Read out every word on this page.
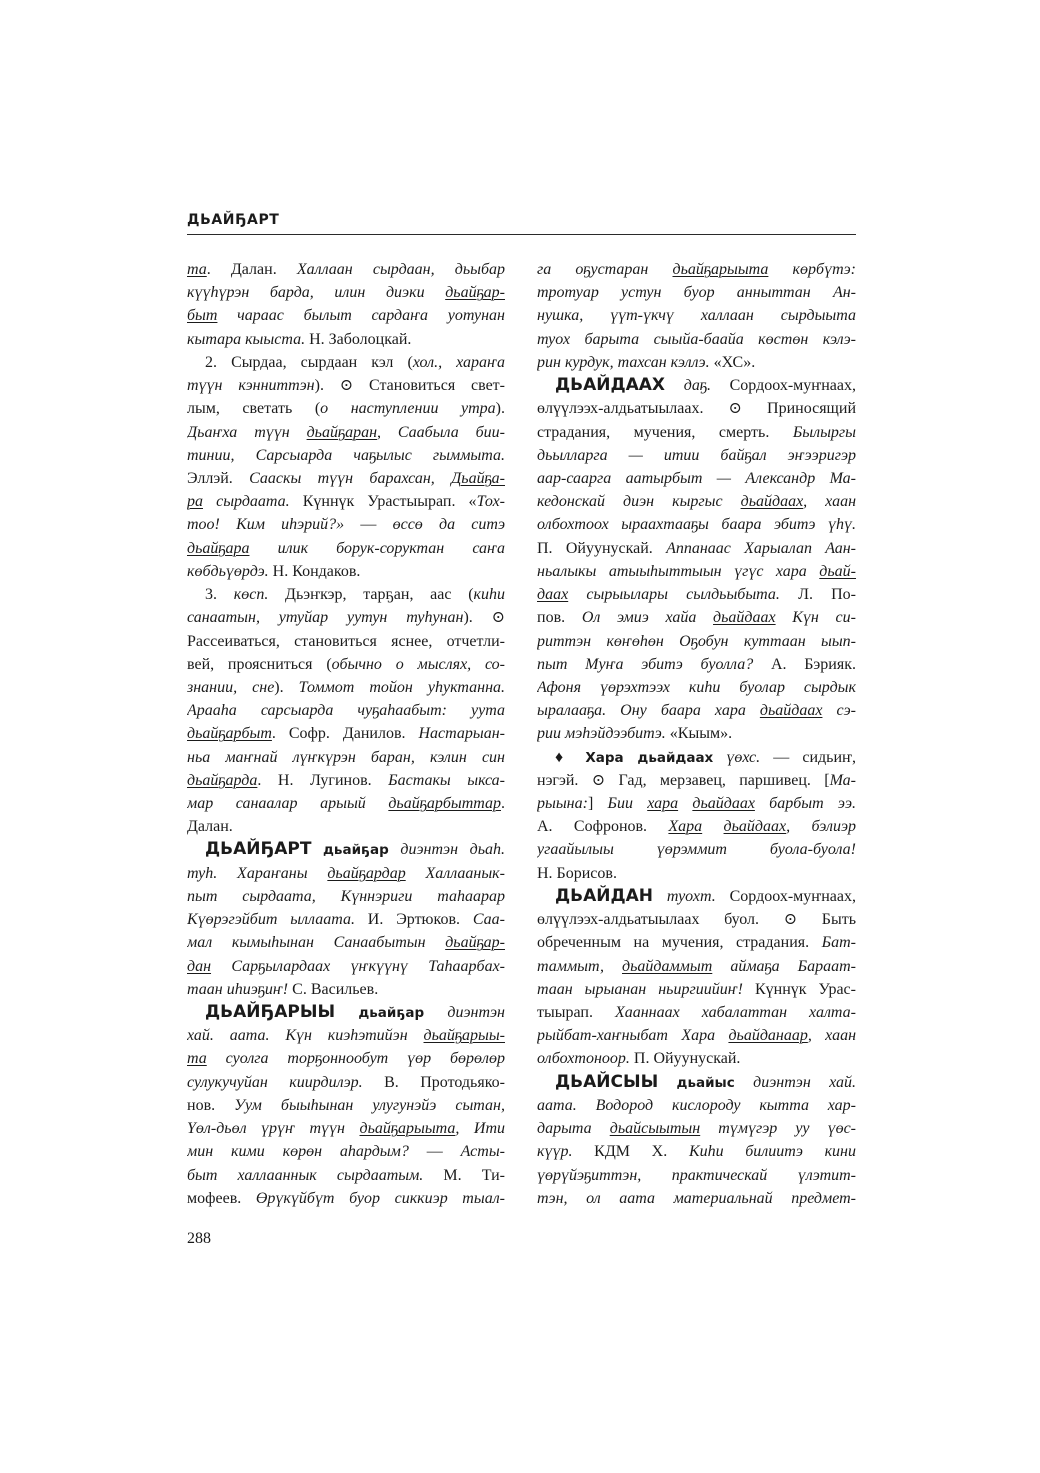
ДЬАЙҔАРТ
та. Далан. Халлаан сырдаан, дьыбар
күүһүрэн барда, илин диэки дьайҕар-
быт чараас былыт сардаҥа уотунан
кытара кыыста. Н. Заболоцкай.
2. Сырдаа, сырдаан кэл (хол., хараҥа
түүн кэнниттэн). ⊙ Становиться свет-
лым, светать (о наступлении утра).
Дьаҥха түүн дьайҕаран, Саабыла бии-
тинии, Сарсыарда чаҕылыс гыммыта.
Эллэй. Сааскы түүн барахсан, Дьайҕа-
ра сырдаата. Күннүк Урастыырап. «Тох-
тоо! Ким иһэрий?» — өссө да ситэ
дьайҕара илик борук-соруктан саҥа
көбдьүөрдэ. Н. Кондаков.
3. көсп. Дьэҥкэр, тарҕан, аас (киһи
санаатын, утуйар уутун туһунан). ⊙
Рассеиваться, становиться яснее, отчетли-
вей, проясниться (обычно о мыслях, со-
знании, сне). Томмот тойон уһуктанна.
Арааһа сарсыарда чуҕаһаабыт: уута
дьайҕарбыт. Софр. Данилов. Настарыан-
ньа маҥнай лүҥкүрэн баран, кэлин син
дьайҕарда. Н. Лугинов. Бастакы ыкса-
мар санаалар арыый дьайҕарбыттар.
Далан.
ДЬАЙҔАРТ дьайҕар диэнтэн дьаһ.
туһ. Хараҥаны дьайҕардар Халлаанык-
пыт сырдаата, Күннэриги таһаарар
Күөрэгэйбит ыллаата. И. Эртюков. Саа-
мал кымыһынан Санаабытын дьайҕар-
дан Сарҕылардаах үҥкүүнү Таһаарбах-
таан иһиэҕиҥ! С. Васильев.
ДЬАЙҔАРЫЫ дьайҕар диэнтэн
хай. аата. Күн киэһэтийэн дьайҕарыы-
та суолга торҕоннообут үөр бөрөлөр
сулукучуйан киирдилэр. В. Протодьяко-
нов. Уум быыһынан улугунэйэ сытан,
Үөл-дьөл үрүҥ түүн дьайҕарыыта, Ити
мин кими көрөн аһардым? — Асты-
быт халлааннык сырдаатым. М. Ти-
мофеев. Өрүкүйбүт буор сиккиэр тыал-
га оҕустаран дьайҕарыыта көрбүтэ:
тротуар устун буор анныттан Ан-
нушка, үүт-үкчү халлаан сырдыыта
туох барыта сыыйа-баайа көстөн кэлэ-
рин курдук, тахсан кэллэ. «ХС».
ДЬАЙДААХ даҕ. Сордоох-муҥнаах,
өлүүлээх-алдьатыылаах. ⊙ Приносящий
страдания, мучения, смерть. Былыргы
дьылларга — итии байҕал эҥээригэр
аар-саарга аатырбыт — Александр Ма-
кедонскай диэн кыргыс дьайдаах, хаан
олбохтоох ыраахтааҕы баара эбитэ үһү.
П. Ойуунускай. Аппанаас Харыалап Аан-
ньалыкы атыыһыттыын үгүс хара дьай-
даах сырыылары сылдьыбыта. Л. По-
пов. Ол эмиэ хайа дьайдаах Күн си-
риттэн көҥөһөн Оҕобун куттаан ыып-
пыт Муҥа эбитэ буолла? А. Бэрияк.
Афоня үөрэхтээх киһи буолар сырдык
ыралааҕа. Ону баара хара дьайдаах сэ-
рии мэһэйдээбитэ. «Кыым».
♦ Хара дьайдаах үөхс. — сидьиҥ,
нэгэй. ⊙ Гад, мерзавец, паршивец. [Ма-
рыына:] Бии хара дьайдаах барбыт ээ.
А. Софронов. Хара дьайдаах, бэлиэр
угаайылыы үөрэммит буола-буола!
Н. Борисов.
ДЬАЙДАН туохт. Сордоох-муҥнаах,
өлүүлээх-алдьатыылаах буол. ⊙ Быть
обреченным на мучения, страдания. Бат-
таммыт, дьайдаммыт аймаҕа Бараат-
таан ырыанан ньиргиийиҥ! Күннүк Урас-
тыырап. Хааннаах хабалаттан халта-
рыйбат-хаҥныбат Хара дьайданаар, хаан
олбохтоноор. П. Ойуунускай.
ДЬАЙСЫЫ дьайыс диэнтэн хай.
аата. Водород кислороду кытта хар-
дарыта дьайсыытын түмүгэр уу үөс-
күүр. КДМ Х. Киһи билиитэ кини
үөрүйэҕиттэн, практическай үлэтит-
тэн, ол аата материальнай предмет-
288
